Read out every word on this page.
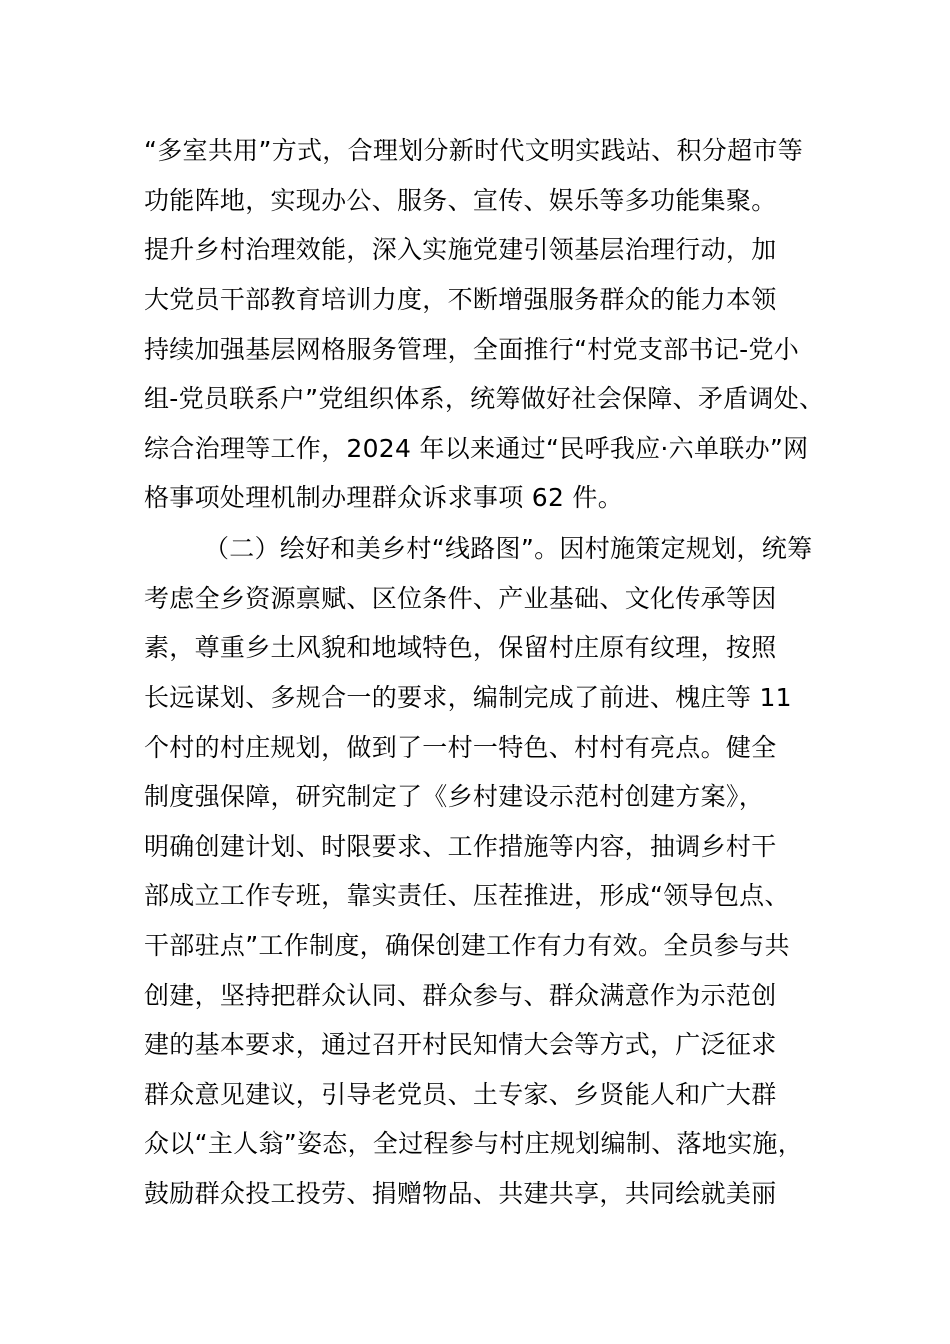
“多室共用”方式，合理划分新时代文明实践站、积分超市等
功能阵地，实现办公、服务、宣传、娱乐等多功能集聚。
提升乡村治理效能，深入实施党建引领基层治理行动，加
大党员干部教育培训力度，不断增强服务群众的能力本领
持续加强基层网格服务管理，全面推行“村党支部书记-党小
组-党员联系户”党组织体系，统筹做好社会保障、矛盾调处、
综合治理等工作，2024 年以来通过“民呼我应·六单联办”网
格事项处理机制办理群众诉求事项 62 件。
（二）绘好和美乡村“线路图”。因村施策定规划，统筹
考虑全乡资源禀赋、区位条件、产业基础、文化传承等因
素，尊重乡土风貌和地域特色，保留村庄原有纹理，按照
长远谋划、多规合一的要求，编制完成了前进、槐庄等 11
个村的村庄规划，做到了一村一特色、村村有亮点。健全
制度强保障，研究制定了《乡村建设示范村创建方案》，
明确创建计划、时限要求、工作措施等内容，抽调乡村干
部成立工作专班，靠实责任、压茬推进，形成“领导包点、
干部驻点”工作制度，确保创建工作有力有效。全员参与共
创建，坚持把群众认同、群众参与、群众满意作为示范创
建的基本要求，通过召开村民知情大会等方式，广泛征求
群众意见建议，引导老党员、土专家、乡贤能人和广大群
众以“主人翁”姿态，全过程参与村庄规划编制、落地实施，
鼓励群众投工投劳、捐赠物品、共建共享，共同绘就美丽
